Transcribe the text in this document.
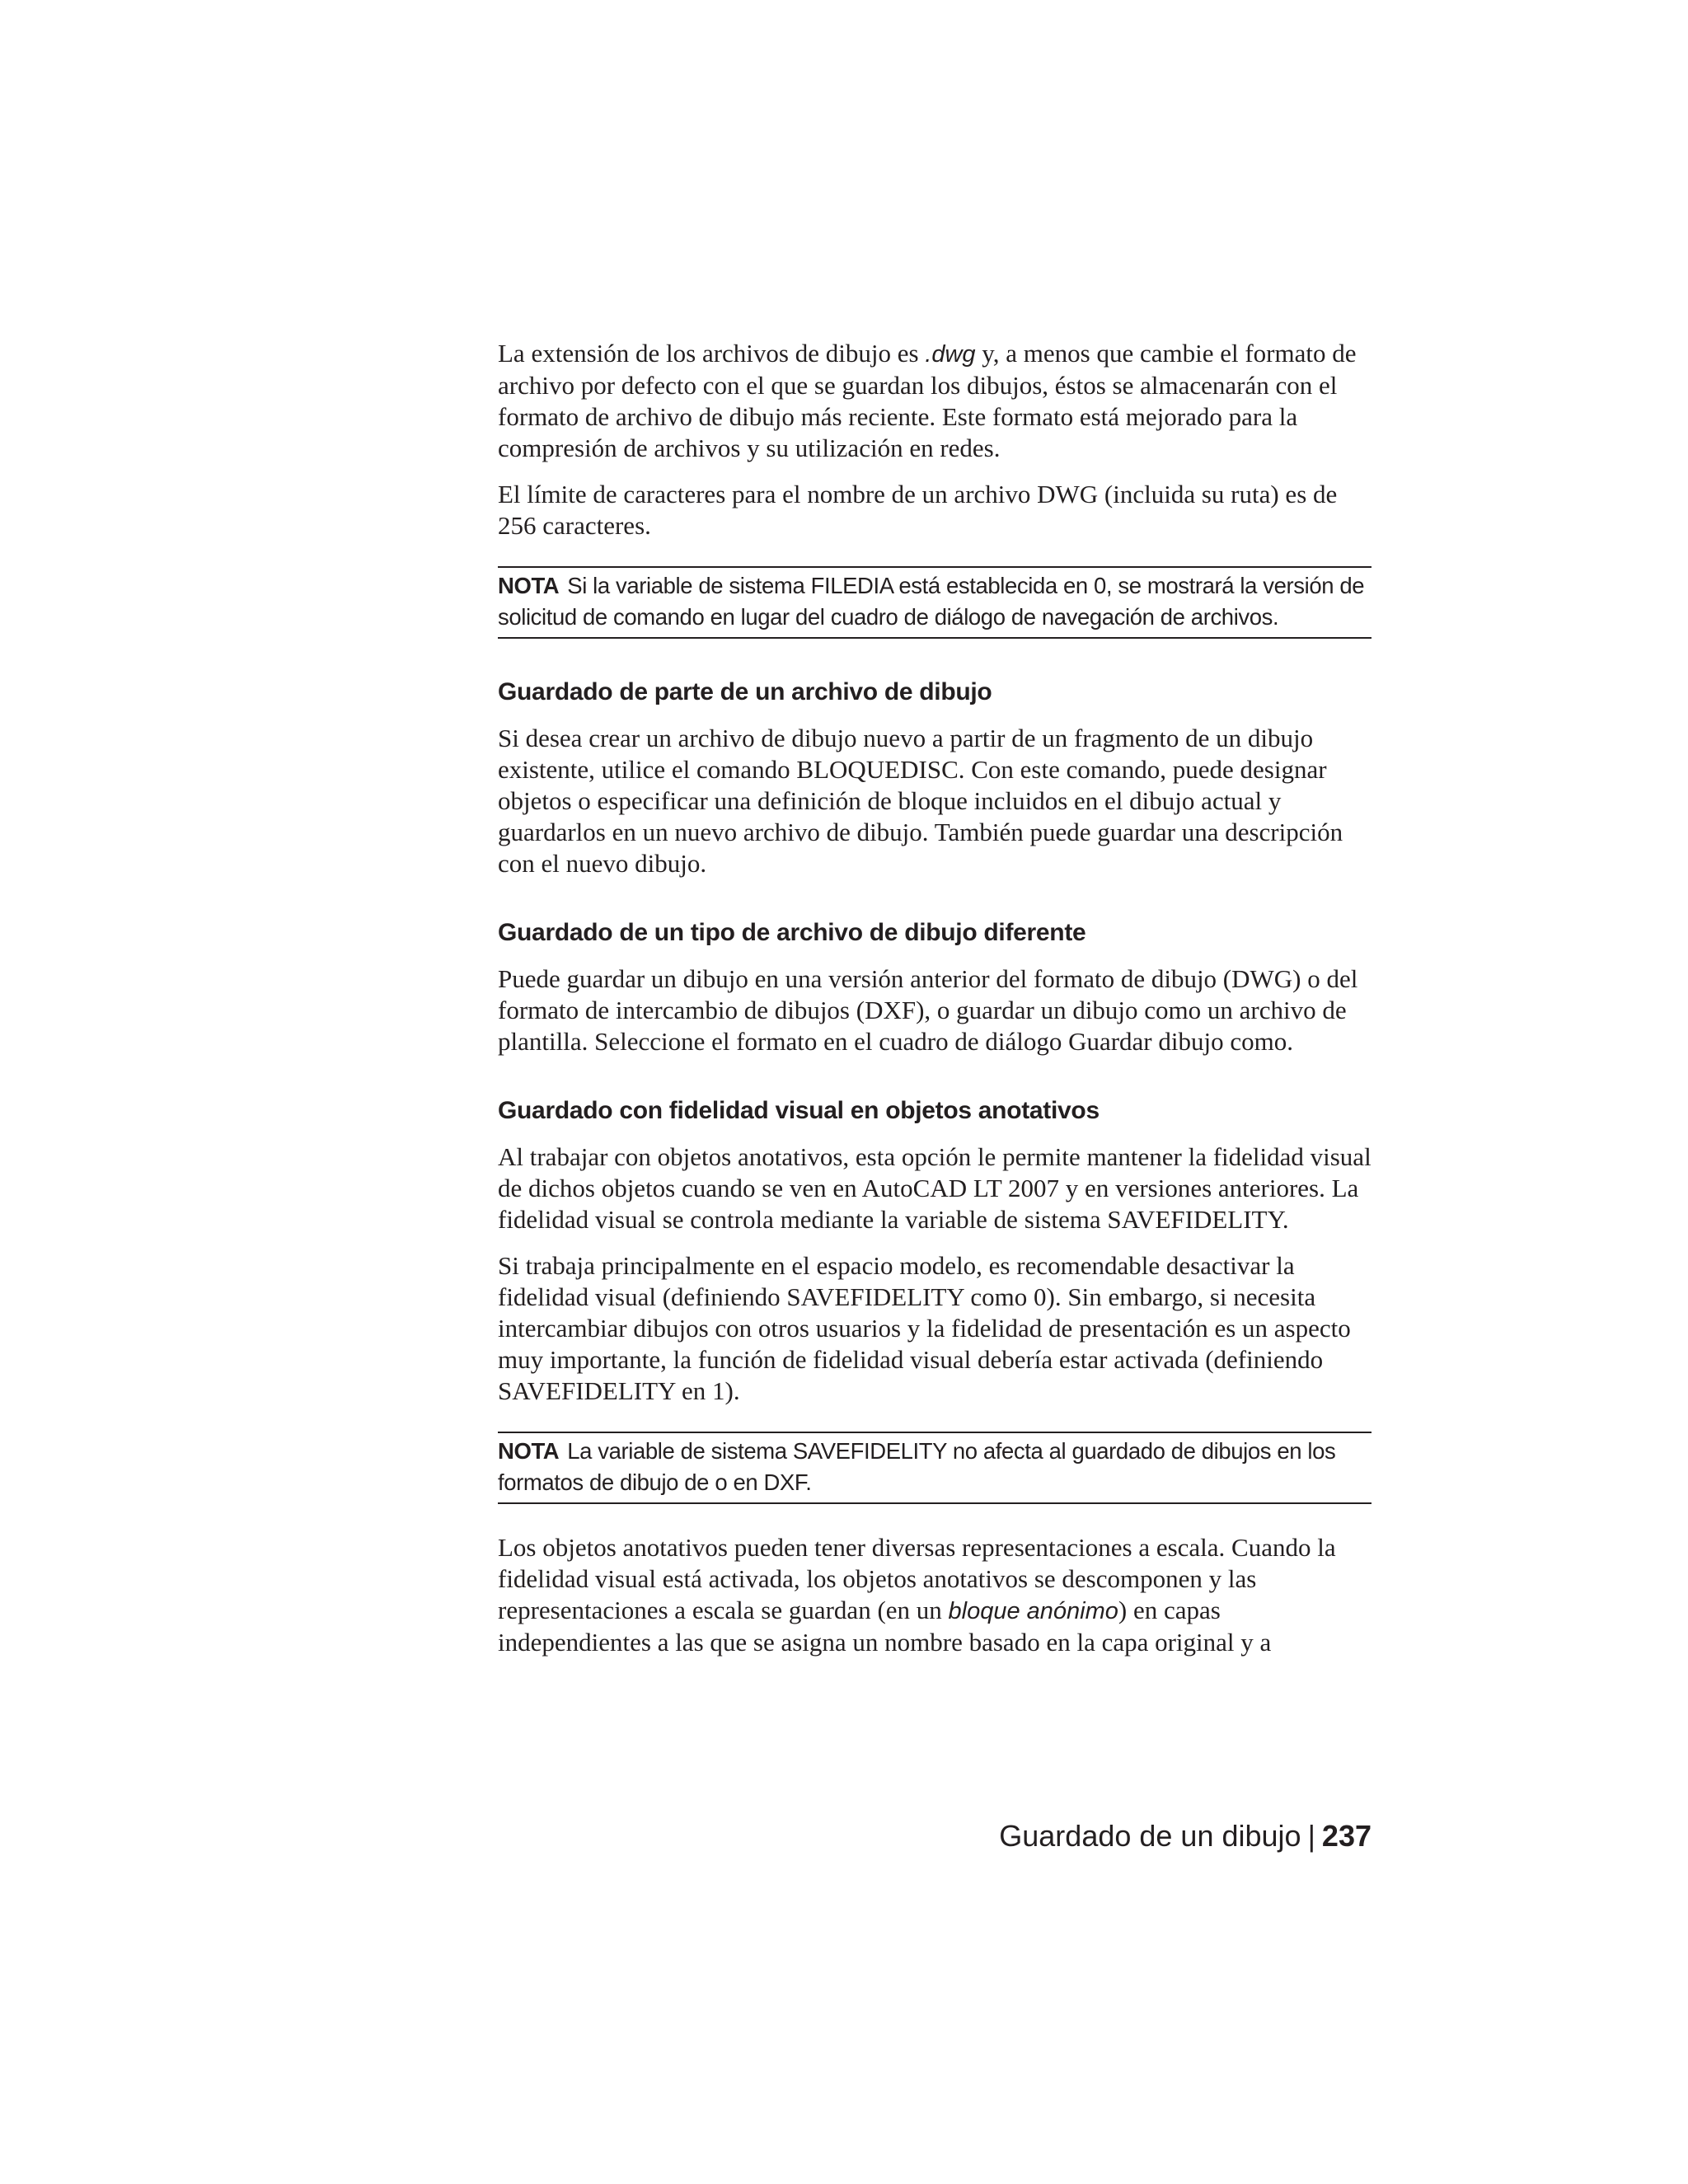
La extensión de los archivos de dibujo es .dwg y, a menos que cambie el formato de archivo por defecto con el que se guardan los dibujos, éstos se almacenarán con el formato de archivo de dibujo más reciente. Este formato está mejorado para la compresión de archivos y su utilización en redes.

El límite de caracteres para el nombre de un archivo DWG (incluida su ruta) es de 256 caracteres.

NOTA Si la variable de sistema FILEDIA está establecida en 0, se mostrará la versión de solicitud de comando en lugar del cuadro de diálogo de navegación de archivos.
Guardado de parte de un archivo de dibujo

Si desea crear un archivo de dibujo nuevo a partir de un fragmento de un dibujo existente, utilice el comando BLOQUEDISC. Con este comando, puede designar objetos o especificar una definición de bloque incluidos en el dibujo actual y guardarlos en un nuevo archivo de dibujo. También puede guardar una descripción con el nuevo dibujo.

Guardado de un tipo de archivo de dibujo diferente

Puede guardar un dibujo en una versión anterior del formato de dibujo (DWG) o del formato de intercambio de dibujos (DXF), o guardar un dibujo como un archivo de plantilla. Seleccione el formato en el cuadro de diálogo Guardar dibujo como.

Guardado con fidelidad visual en objetos anotativos

Al trabajar con objetos anotativos, esta opción le permite mantener la fidelidad visual de dichos objetos cuando se ven en AutoCAD LT 2007 y en versiones anteriores. La fidelidad visual se controla mediante la variable de sistema SAVEFIDELITY.

Si trabaja principalmente en el espacio modelo, es recomendable desactivar la fidelidad visual (definiendo SAVEFIDELITY como 0). Sin embargo, si necesita intercambiar dibujos con otros usuarios y la fidelidad de presentación es un aspecto muy importante, la función de fidelidad visual debería estar activada (definiendo SAVEFIDELITY en 1).

NOTA La variable de sistema SAVEFIDELITY no afecta al guardado de dibujos en los formatos de dibujo de o en DXF.

Los objetos anotativos pueden tener diversas representaciones a escala. Cuando la fidelidad visual está activada, los objetos anotativos se descomponen y las representaciones a escala se guardan (en un bloque anónimo) en capas independientes a las que se asigna un nombre basado en la capa original y a

Guardado de un dibujo | 237
